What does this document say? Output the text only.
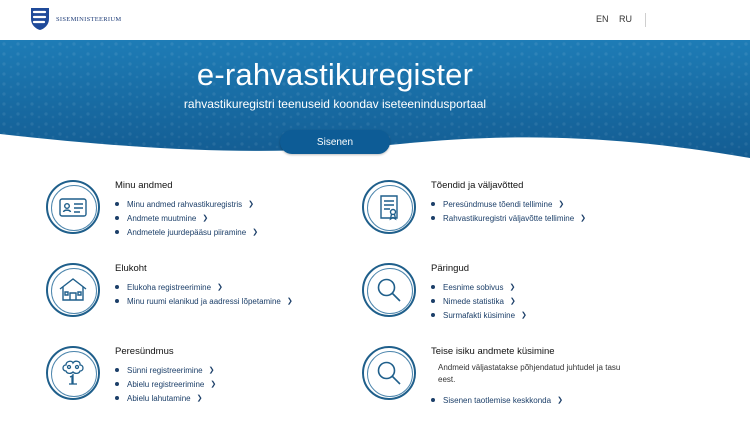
SISEMINISTEERIUM	EN RU
e-rahvastikuregister
rahvastikuregistri teenuseid koondav iseteenindusportaal
Sisenen
Minu andmed
Minu andmed rahvastikuregistris ❯
Andmete muutmine ❯
Andmetele juurdepääsu piiramine ❯
Tõendid ja väljavõtted
Peresündmuse tõendi tellimine ❯
Rahvastikuregistri väljavõtte tellimine ❯
Elukoht
Elukoha registreerimine ❯
Minu ruumi elanikud ja aadressi lõpetamine ❯
Päringud
Eesnime sobivus ❯
Nimede statistika ❯
Surmafakti küsimine ❯
Peresündmus
Sünni registreerimine ❯
Abielu registreerimine ❯
Abielu lahutamine ❯
Teise isiku andmete küsimine
Andmeid väljastatakse põhjendatud juhtudel ja tasu eest.
Sisenen taotlemise keskkonda ❯
